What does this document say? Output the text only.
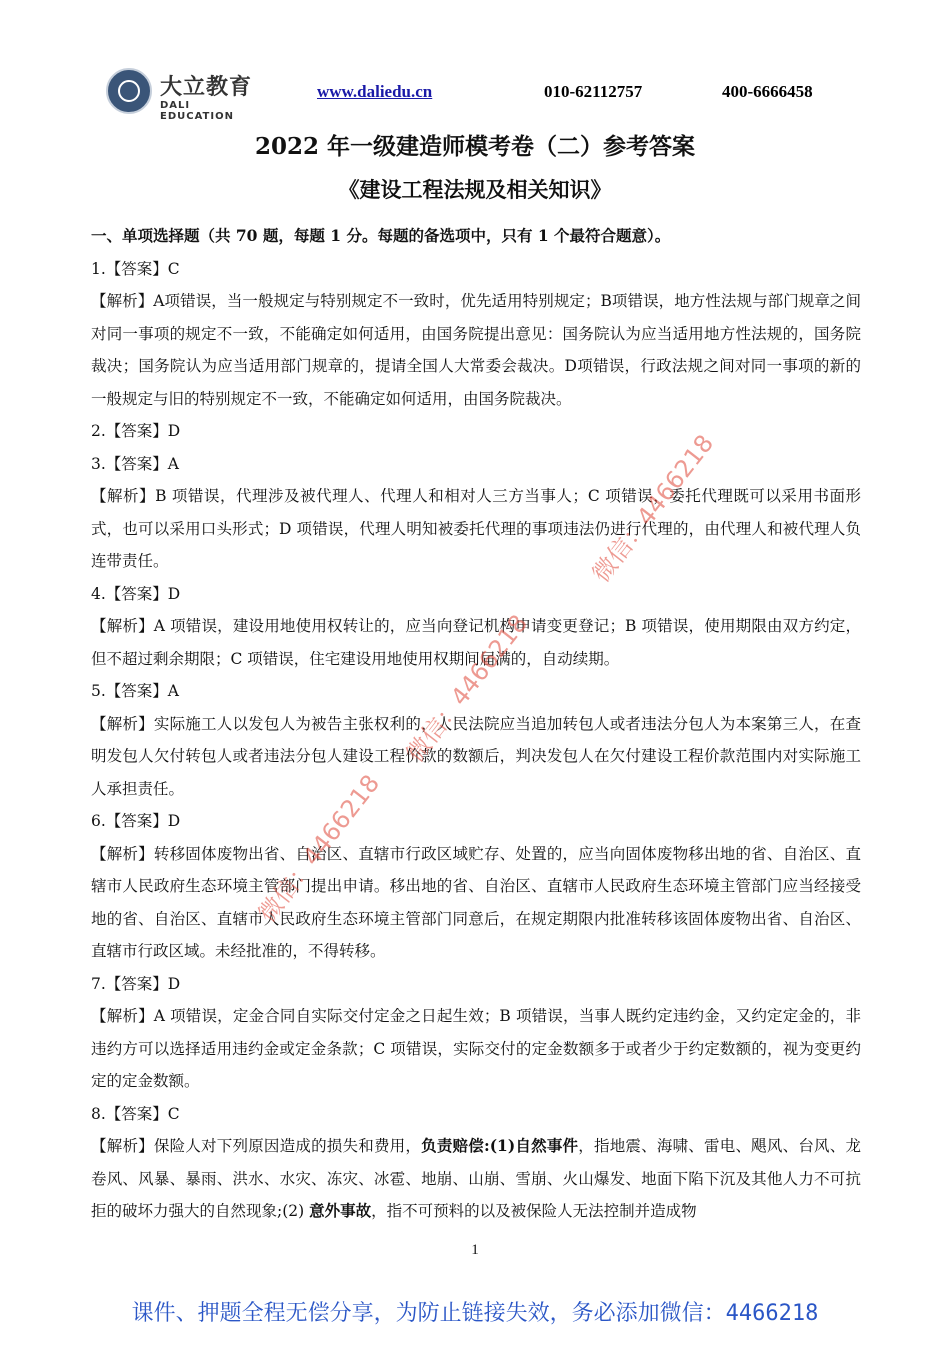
大立教育
DALI EDUCATION
www.daliedu.cn	010-62112757	400-6666458
2022 年一级建造师模考卷（二）参考答案
《建设工程法规及相关知识》

一、单项选择题（共 70 题，每题 1 分。每题的备选项中，只有 1 个最符合题意）。

1.【答案】C

【解析】A项错误，当一般规定与特别规定不一致时，优先适用特别规定；B项错误，地方性法规与部门规章之间对同一事项的规定不一致，不能确定如何适用，由国务院提出意见：国务院认为应当适用地方性法规的，国务院裁决；国务院认为应当适用部门规章的，提请全国人大常委会裁决。D项错误，行政法规之间对同一事项的新的一般规定与旧的特别规定不一致，不能确定如何适用，由国务院裁决。

2.【答案】D

3.【答案】A

【解析】B 项错误，代理涉及被代理人、代理人和相对人三方当事人；C 项错误，委托代理既可以采用书面形式，也可以采用口头形式；D 项错误，代理人明知被委托代理的事项违法仍进行代理的，由代理人和被代理人负连带责任。

4.【答案】D

【解析】A 项错误，建设用地使用权转让的，应当向登记机构申请变更登记；B 项错误，使用期限由双方约定，但不超过剩余期限；C 项错误，住宅建设用地使用权期间届满的，自动续期。

5.【答案】A

【解析】实际施工人以发包人为被告主张权利的，人民法院应当追加转包人或者违法分包人为本案第三人，在查明发包人欠付转包人或者违法分包人建设工程价款的数额后，判决发包人在欠付建设工程价款范围内对实际施工人承担责任。

6.【答案】D

【解析】转移固体废物出省、自治区、直辖市行政区域贮存、处置的，应当向固体废物移出地的省、自治区、直辖市人民政府生态环境主管部门提出申请。移出地的省、自治区、直辖市人民政府生态环境主管部门应当经接受地的省、自治区、直辖市人民政府生态环境主管部门同意后，在规定期限内批准转移该固体废物出省、自治区、直辖市行政区域。未经批准的，不得转移。

7.【答案】D

【解析】A 项错误，定金合同自实际交付定金之日起生效；B 项错误，当事人既约定违约金，又约定定金的，非违约方可以选择适用违约金或定金条款；C 项错误，实际交付的定金数额多于或者少于约定数额的，视为变更约定的定金数额。

8.【答案】C

【解析】保险人对下列原因造成的损失和费用，负责赔偿:(1)自然事件，指地震、海啸、雷电、飓风、台风、龙卷风、风暴、暴雨、洪水、水灾、冻灾、冰雹、地崩、山崩、雪崩、火山爆发、地面下陷下沉及其他人力不可抗拒的破坏力强大的自然现象;(2) 意外事故，指不可预料的以及被保险人无法控制并造成物

微信：4466218
微信：4466218
微信：4466218
1
课件、押题全程无偿分享，为防止链接失效，务必添加微信：4466218
